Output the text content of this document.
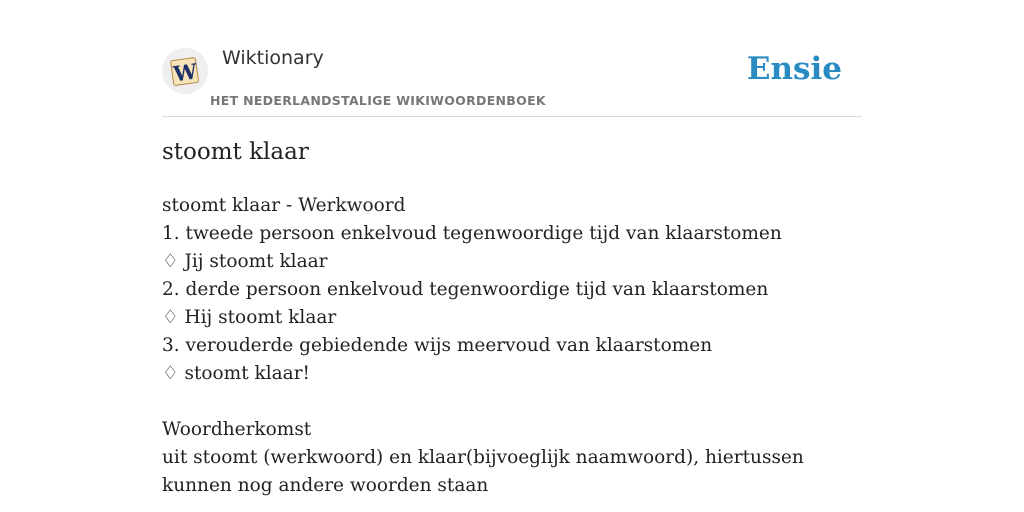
W
Wiktionary
HET NEDERLANDSTALIGE WIKIWOORDENBOEK
Ensie
stoomt klaar
stoomt klaar - Werkwoord
1. tweede persoon enkelvoud tegenwoordige tijd van klaarstomen
♢ Jij stoomt klaar
2. derde persoon enkelvoud tegenwoordige tijd van klaarstomen
♢ Hij stoomt klaar
3. verouderde gebiedende wijs meervoud van klaarstomen
♢ stoomt klaar!
Woordherkomst
uit stoomt (werkwoord) en klaar(bijvoeglijk naamwoord), hiertussen kunnen nog andere woorden staan
